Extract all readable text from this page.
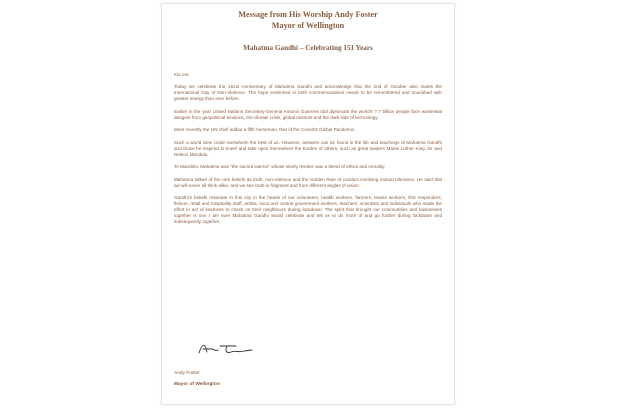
Message from His Worship Andy Foster
Mayor of Wellington
Mahatma Gandhi – Celebrating 151 Years

Kia ora

Today we celebrate the 151st Anniversary of Mahatma Gandhi and acknowledge that the 2nd of October also marks the International Day of Non-Violence. The hope enshrined in both commemorations needs to be remembered and nourished with greater energy than ever before.

Earlier in the year United Nations Secretary-General Antonio Guterres told diplomats the world's 7.7 billion people face existential dangers from geopolitical tensions, the climate crisis, global mistrust and the dark side of technology.

More recently the UN chief added a fifth horseman, that of the Covid19 Global Pandemic.

Such a world view could overwhelm the best of us. However, answers can be found in the life and teachings of Mahatma Gandhi and those he inspired to kneel and take upon themselves the burden of others, such as great leaders Martin Luther King Jnr and Nelson Mandela.

To Mandela, Mahatma was “the sacred warrior” whose steely resolve was a blend of ethics and morality.

Mahatma talked of his core beliefs as truth, non-violence and the Golden Rule of conduct involving mutual tolerance. He said that we will never all think alike, and we see truth in fragment and from different angles of vision.

Gandhi's beliefs resonate in this city in the hearts of our volunteers, health workers, farmers, transit workers, first responders, fishers, retail and hospitality staff, artists, local and central government workers, teachers, scientists and individuals who made the effort in act of kindness to check on their neighbours during lockdown. The spirit that brought our communities and businesses together is one I am sure Mahatma Gandhi would celebrate and tell us to do more of and go further during lockdown and subsequently together.

Andy Foster
Mayor of Wellington
